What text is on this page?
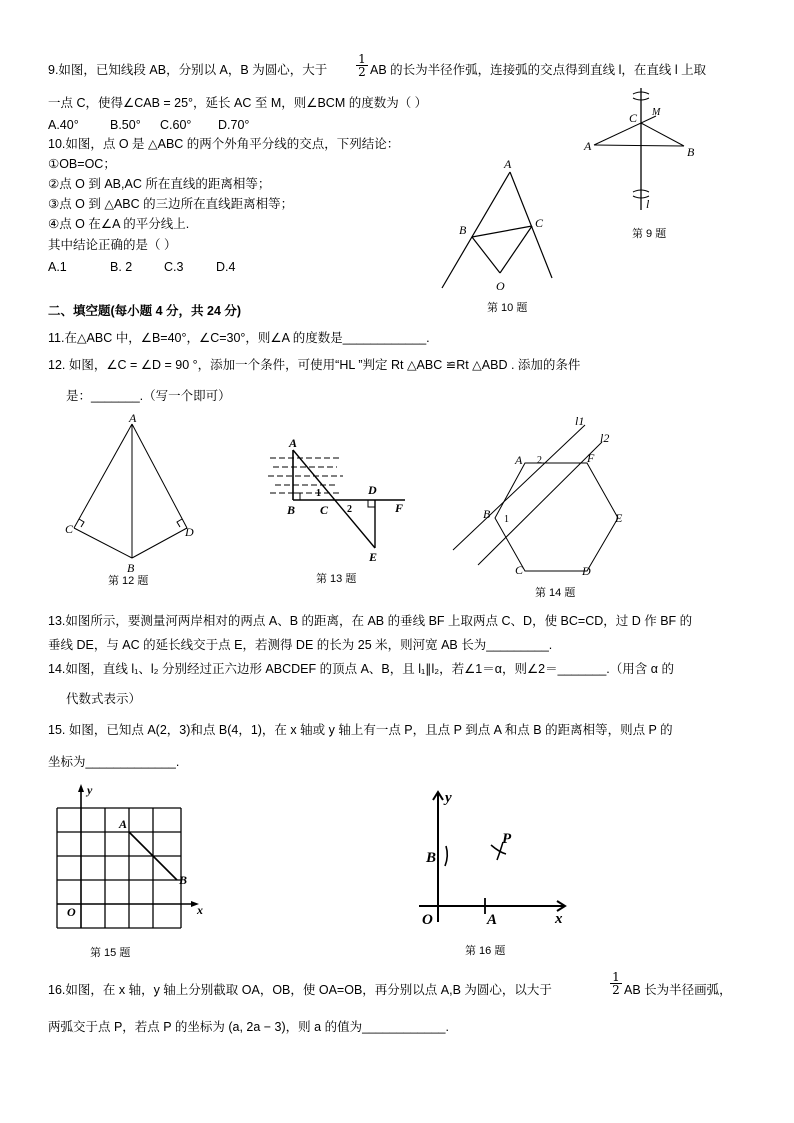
9.如图，已知线段 AB，分别以 A，B 为圆心，大于 $\frac{1}{2}$ AB 的长为半径作弧，连接弧的交点得到直线 l，在直线 l 上取
一点 C，使得∠CAB = 25°，延长 AC 至 M，则∠BCM 的度数为（ ）
A.40°	B.50° C.60° D.70°
A	B
C M
l
第 9 题
10.如图，点 O 是 △ABC 的两个外角平分线的交点，下列结论：
①OB=OC；
②点 O 到 AB,AC 所在直线的距离相等；
③点 O 到 △ABC 的三边所在直线距离相等；
④点 O 在∠A 的平分线上.
其中结论正确的是（ ）
A.1	B. 2	C.3	D.4
A
B	C
O
第 10 题
二、填空题(每小题 4 分，共 24 分)
11.在△ABC 中，∠B=40°，∠C=30°，则∠A 的度数是____________.
12. 如图，∠C = ∠D = 90 °，添加一个条件，可使用“HL ”判定 Rt △ABC ≌Rt △ABD . 添加的条件
是：_______.（写一个即可）
A
B
C	D
第 12 题
A
B C
D
E
F
1
2
第 13 题
A
B
C	D
E
F
2
1
l1
l2
第 14 题
13.如图所示，要测量河两岸相对的两点 A、B 的距离，在 AB 的垂线 BF 上取两点 C、D，使 BC=CD，过 D 作 BF 的
垂线 DE，与 AC 的延长线交于点 E，若测得 DE 的长为 25 米，则河宽 AB 长为_________.
14.如图，直线 l₁、l₂ 分别经过正六边形 ABCDEF 的顶点 A、B，且 l₁∥l₂，若∠1＝α，则∠2＝_______.（用含 α 的
代数式表示）
15. 如图，已知点 A(2，3)和点 B(4，1)，在 x 轴或 y 轴上有一点 P，且点 P 到点 A 和点 B 的距离相等，则点 P 的
坐标为_____________.
y
x
O
A
B
第 15 题
y
x
O
B
A
P
第 16 题
16.如图，在 x 轴，y 轴上分别截取 OA，OB，使 OA=OB，再分别以点 A,B 为圆心，以大于	$\frac{1}{2}$ AB 长为半径画弧，
两弧交于点 P，若点 P 的坐标为 (a, 2a − 3)，则 a 的值为____________.
